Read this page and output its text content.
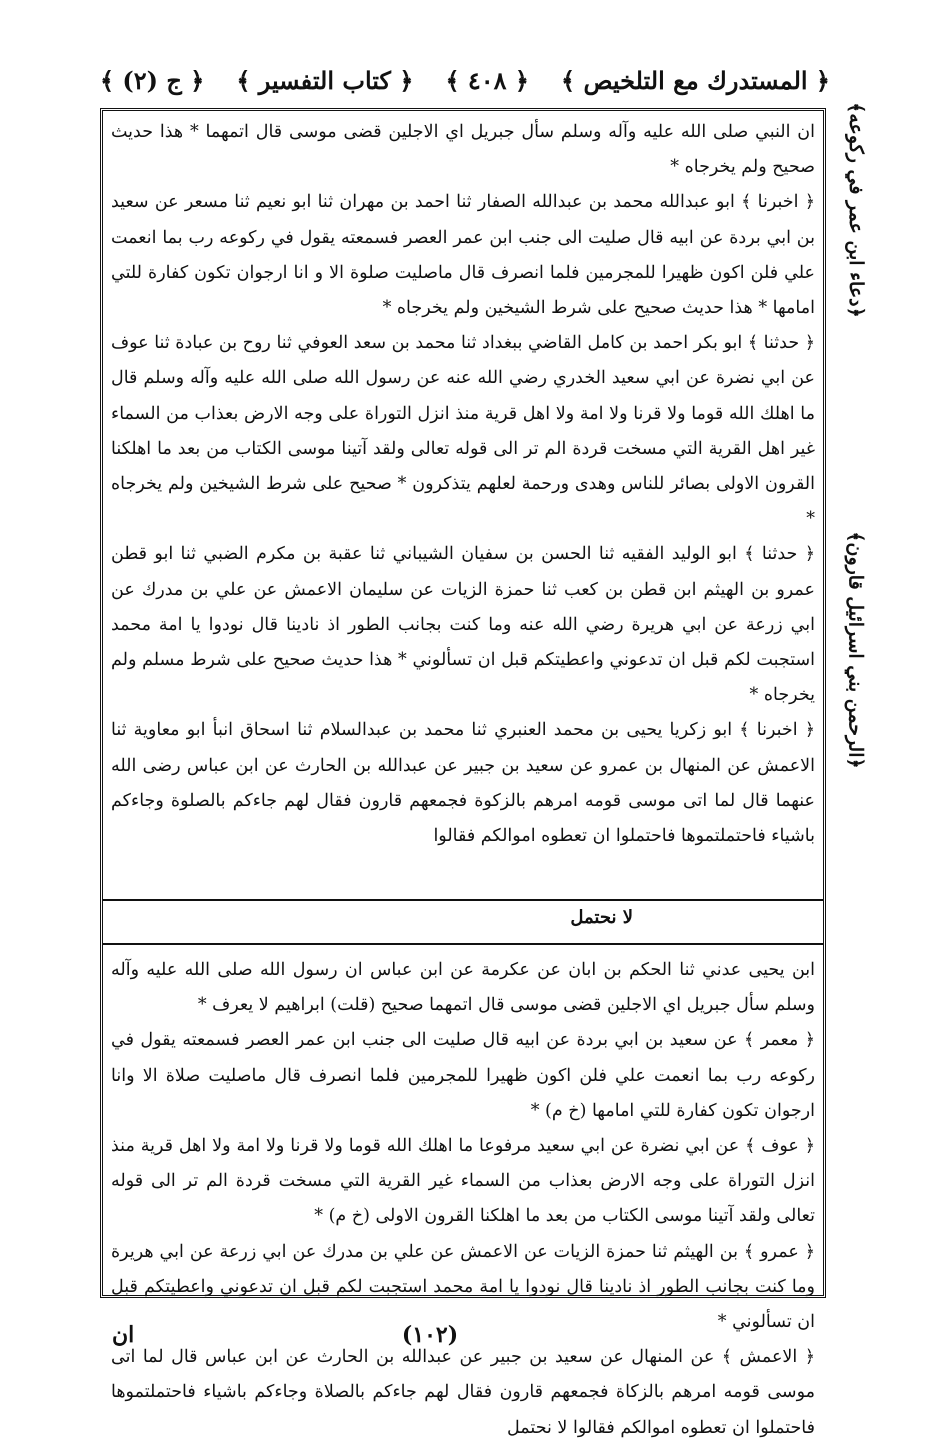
﴿ المستدرك مع التلخيص ﴾
﴿ ٤٠٨ ﴾
﴿ كتاب التفسير ﴾
﴿ ج (٢) ﴾
﴿دعاء ابن عمر في ركوعه﴾
﴿الرحمن بني اسرائيل قارون﴾

ان النبي صلى الله عليه وآله وسلم سأل جبريل اي الاجلين قضى موسى قال اتمهما * هذا حديث صحيح ولم يخرجاه *

﴿ اخبرنا ﴾ ابو عبدالله محمد بن عبدالله الصفار ثنا احمد بن مهران ثنا ابو نعيم ثنا مسعر عن سعيد بن ابي بردة عن ابيه قال صليت الى جنب ابن عمر العصر فسمعته يقول في ركوعه رب بما انعمت علي فلن اكون ظهيرا للمجرمين فلما انصرف قال ماصليت صلوة الا و انا ارجوان تكون كفارة للتي امامها * هذا حديث صحيح على شرط الشيخين ولم يخرجاه *

﴿ حدثنا ﴾ ابو بكر احمد بن كامل القاضي ببغداد ثنا محمد بن سعد العوفي ثنا روح بن عبادة ثنا عوف عن ابي نضرة عن ابي سعيد الخدري رضي الله عنه عن رسول الله صلى الله عليه وآله وسلم قال ما اهلك الله قوما ولا قرنا ولا امة ولا اهل قرية منذ انزل التوراة على وجه الارض بعذاب من السماء غير اهل القرية التي مسخت قردة الم تر الى قوله تعالى ولقد آتينا موسى الكتاب من بعد ما اهلكنا القرون الاولى بصائر للناس وهدى ورحمة لعلهم يتذكرون * صحيح على شرط الشيخين ولم يخرجاه *

﴿ حدثنا ﴾ ابو الوليد الفقيه ثنا الحسن بن سفيان الشيباني ثنا عقبة بن مكرم الضبي ثنا ابو قطن عمرو بن الهيثم ابن قطن بن كعب ثنا حمزة الزيات عن سليمان الاعمش عن علي بن مدرك عن ابي زرعة عن ابي هريرة رضي الله عنه وما كنت بجانب الطور اذ نادينا قال نودوا يا امة محمد استجبت لكم قبل ان تدعوني واعطيتكم قبل ان تسألوني * هذا حديث صحيح على شرط مسلم ولم يخرجاه *

﴿ اخبرنا ﴾ ابو زكريا يحيى بن محمد العنبري ثنا محمد بن عبدالسلام ثنا اسحاق انبأ ابو معاوية ثنا الاعمش عن المنهال بن عمرو عن سعيد بن جبير عن عبدالله بن الحارث عن ابن عباس رضى الله عنهما قال لما اتى موسى قومه امرهم بالزكوة فجمعهم قارون فقال لهم جاءكم بالصلوة وجاءكم باشياء فاحتملتموها فاحتملوا ان تعطوه اموالكم فقالوا

لا نحتمل

ابن يحيى عدني ثنا الحكم بن ابان عن عكرمة عن ابن عباس ان رسول الله صلى الله عليه وآله وسلم سأل جبريل اي الاجلين قضى موسى قال اتمهما صحيح (قلت) ابراهيم لا يعرف *

﴿ معمر ﴾ عن سعيد بن ابي بردة عن ابيه قال صليت الى جنب ابن عمر العصر فسمعته يقول في ركوعه رب بما انعمت علي فلن اكون ظهيرا للمجرمين فلما انصرف قال ماصليت صلاة الا وانا ارجوان تكون كفارة للتي امامها (خ م) *

﴿ عوف ﴾ عن ابي نضرة عن ابي سعيد مرفوعا ما اهلك الله قوما ولا قرنا ولا امة ولا اهل قرية منذ انزل التوراة على وجه الارض بعذاب من السماء غير القرية التي مسخت قردة الم تر الى قوله تعالى ولقد آتينا موسى الكتاب من بعد ما اهلكنا القرون الاولى (خ م) *

﴿ عمرو ﴾ بن الهيثم ثنا حمزة الزيات عن الاعمش عن علي بن مدرك عن ابي زرعة عن ابي هريرة وما كنت بجانب الطور اذ نادينا قال نودوا يا امة محمد استجبت لكم قبل ان تدعوني واعطيتكم قبل ان تسألوني *

﴿ الاعمش ﴾ عن المنهال عن سعيد بن جبير عن عبدالله بن الحارث عن ابن عباس قال لما اتى موسى قومه امرهم بالزكاة فجمعهم قارون فقال لهم جاءكم بالصلاة وجاءكم باشياء فاحتملتموها فاحتملوا ان تعطوه اموالكم فقالوا لا نحتمل

(١٠٢)
ان
